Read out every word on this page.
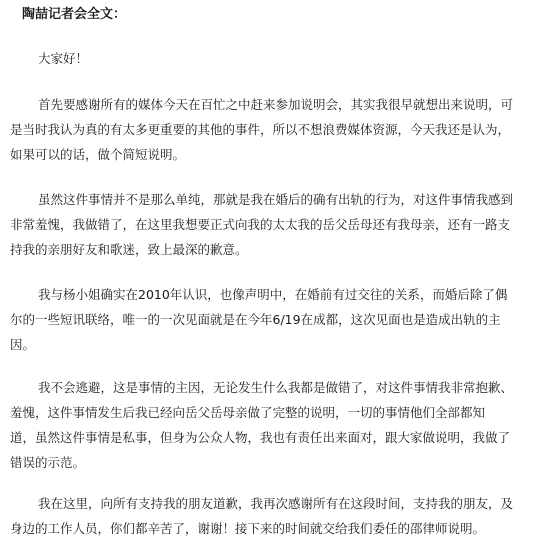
陶喆记者会全文：
大家好！
首先要感谢所有的媒体今天在百忙之中赶来参加说明会，其实我很早就想出来说明，可
是当时我认为真的有太多更重要的其他的事件，所以不想浪费媒体资源，今天我还是认为，
如果可以的话，做个简短说明。
虽然这件事情并不是那么单纯，那就是我在婚后的确有出轨的行为，对这件事情我感到
非常羞愧，我做错了，在这里我想要正式向我的太太我的岳父岳母还有我母亲，还有一路支
持我的亲朋好友和歌迷，致上最深的歉意。
我与杨小姐确实在2010年认识，也像声明中，在婚前有过交往的关系，而婚后除了偶
尔的一些短讯联络，唯一的一次见面就是在今年6/19在成都，这次见面也是造成出轨的主
因。
我不会逃避，这是事情的主因，无论发生什么我都是做错了，对这件事情我非常抱歉、
羞愧，这件事情发生后我已经向岳父岳母亲做了完整的说明，一切的事情他们全部都知
道，虽然这件事情是私事，但身为公众人物，我也有责任出来面对，跟大家做说明，我做了
错误的示范。
我在这里，向所有支持我的朋友道歉，我再次感谢所有在这段时间，支持我的朋友，及
身边的工作人员，你们都辛苦了，谢谢！接下来的时间就交给我们委任的邵律师说明。
